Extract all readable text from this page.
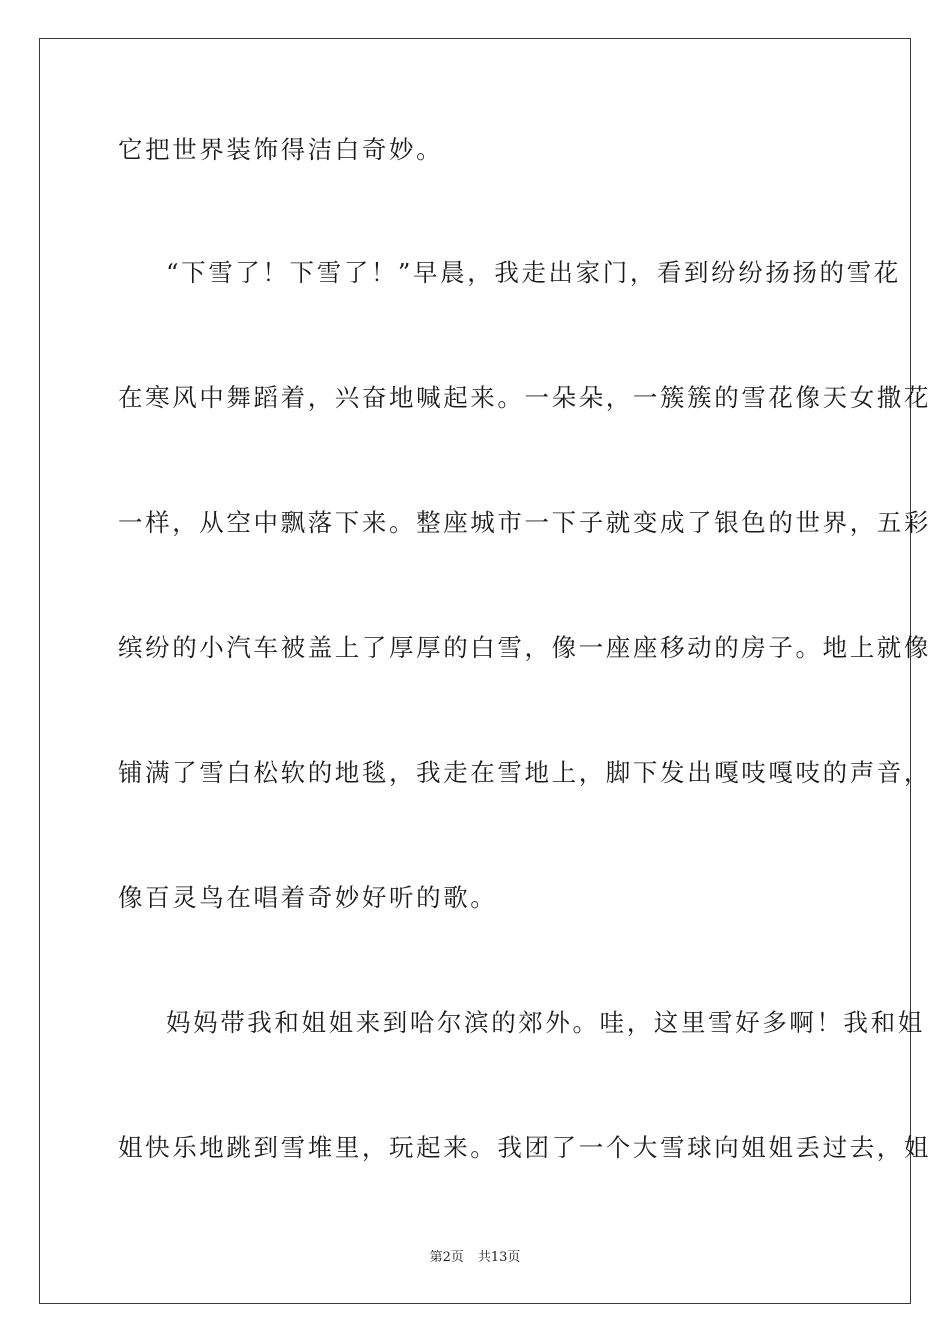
它把世界装饰得洁白奇妙。
“下雪了！下雪了！”早晨，我走出家门，看到纷纷扬扬的雪花
在寒风中舞蹈着，兴奋地喊起来。一朵朵，一簇簇的雪花像天女撒花
一样，从空中飘落下来。整座城市一下子就变成了银色的世界，五彩
缤纷的小汽车被盖上了厚厚的白雪，像一座座移动的房子。地上就像
铺满了雪白松软的地毯，我走在雪地上，脚下发出嘎吱嘎吱的声音，
像百灵鸟在唱着奇妙好听的歌。
妈妈带我和姐姐来到哈尔滨的郊外。哇，这里雪好多啊！我和姐
姐快乐地跳到雪堆里，玩起来。我团了一个大雪球向姐姐丢过去，姐
第2页 共13页
